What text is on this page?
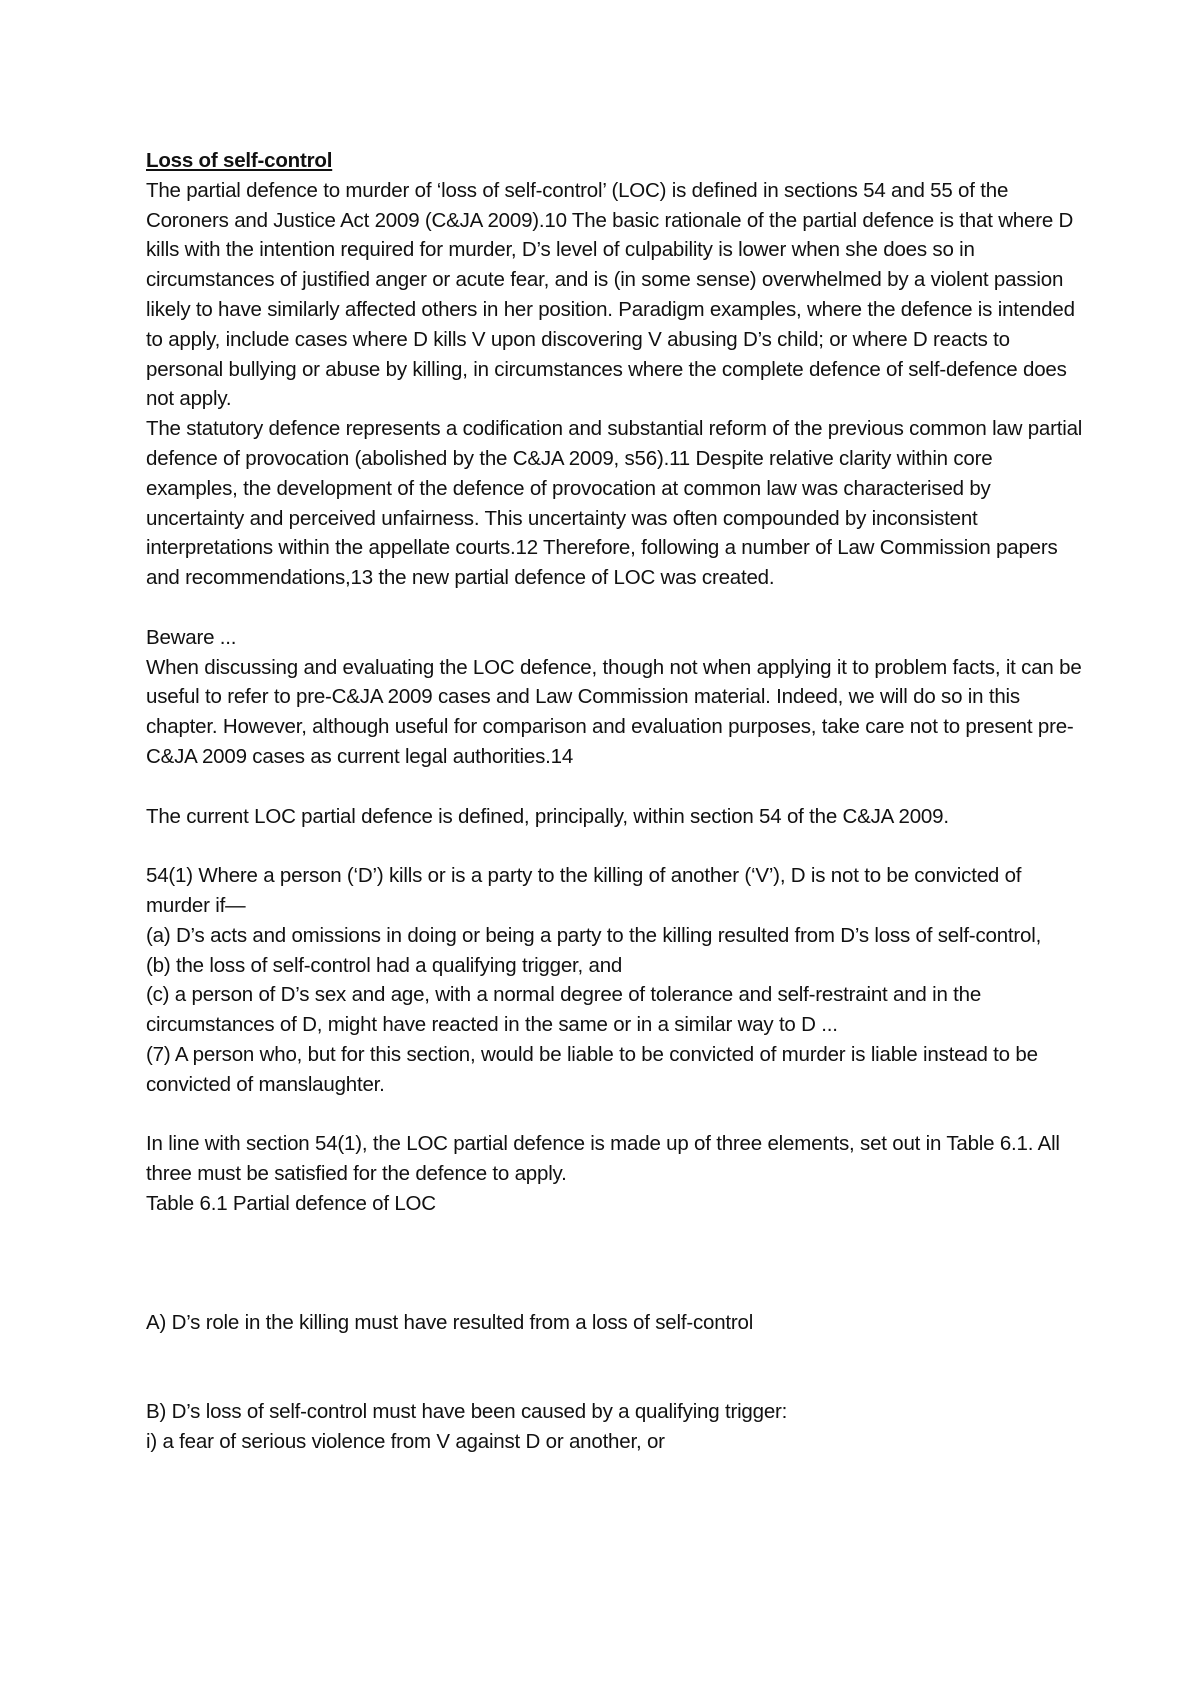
Loss of self-control

The partial defence to murder of ‘loss of self-control’ (LOC) is defined in sections 54 and 55 of the Coroners and Justice Act 2009 (C&JA 2009).10 The basic rationale of the partial defence is that where D kills with the intention required for murder, D’s level of culpability is lower when she does so in circumstances of justified anger or acute fear, and is (in some sense) overwhelmed by a violent passion likely to have similarly affected others in her position. Paradigm examples, where the defence is intended to apply, include cases where D kills V upon discovering V abusing D’s child; or where D reacts to personal bullying or abuse by killing, in circumstances where the complete defence of self-defence does not apply.

The statutory defence represents a codification and substantial reform of the previous common law partial defence of provocation (abolished by the C&JA 2009, s56).11 Despite relative clarity within core examples, the development of the defence of provocation at common law was characterised by uncertainty and perceived unfairness. This uncertainty was often compounded by inconsistent interpretations within the appellate courts.12 Therefore, following a number of Law Commission papers and recommendations,13 the new partial defence of LOC was created.

Beware ...

When discussing and evaluating the LOC defence, though not when applying it to problem facts, it can be useful to refer to pre-C&JA 2009 cases and Law Commission material. Indeed, we will do so in this chapter. However, although useful for comparison and evaluation purposes, take care not to present pre-C&JA 2009 cases as current legal authorities.14

The current LOC partial defence is defined, principally, within section 54 of the C&JA 2009.

54(1) Where a person (‘D’) kills or is a party to the killing of another (‘V’), D is not to be convicted of murder if—

(a) D’s acts and omissions in doing or being a party to the killing resulted from D’s loss of self-control,

(b) the loss of self-control had a qualifying trigger, and

(c) a person of D’s sex and age, with a normal degree of tolerance and self-restraint and in the circumstances of D, might have reacted in the same or in a similar way to D ...

(7) A person who, but for this section, would be liable to be convicted of murder is liable instead to be convicted of manslaughter.

In line with section 54(1), the LOC partial defence is made up of three elements, set out in Table 6.1. All three must be satisfied for the defence to apply.

Table 6.1 Partial defence of LOC

A) D’s role in the killing must have resulted from a loss of self-control

B) D’s loss of self-control must have been caused by a qualifying trigger:

i) a fear of serious violence from V against D or another, or
